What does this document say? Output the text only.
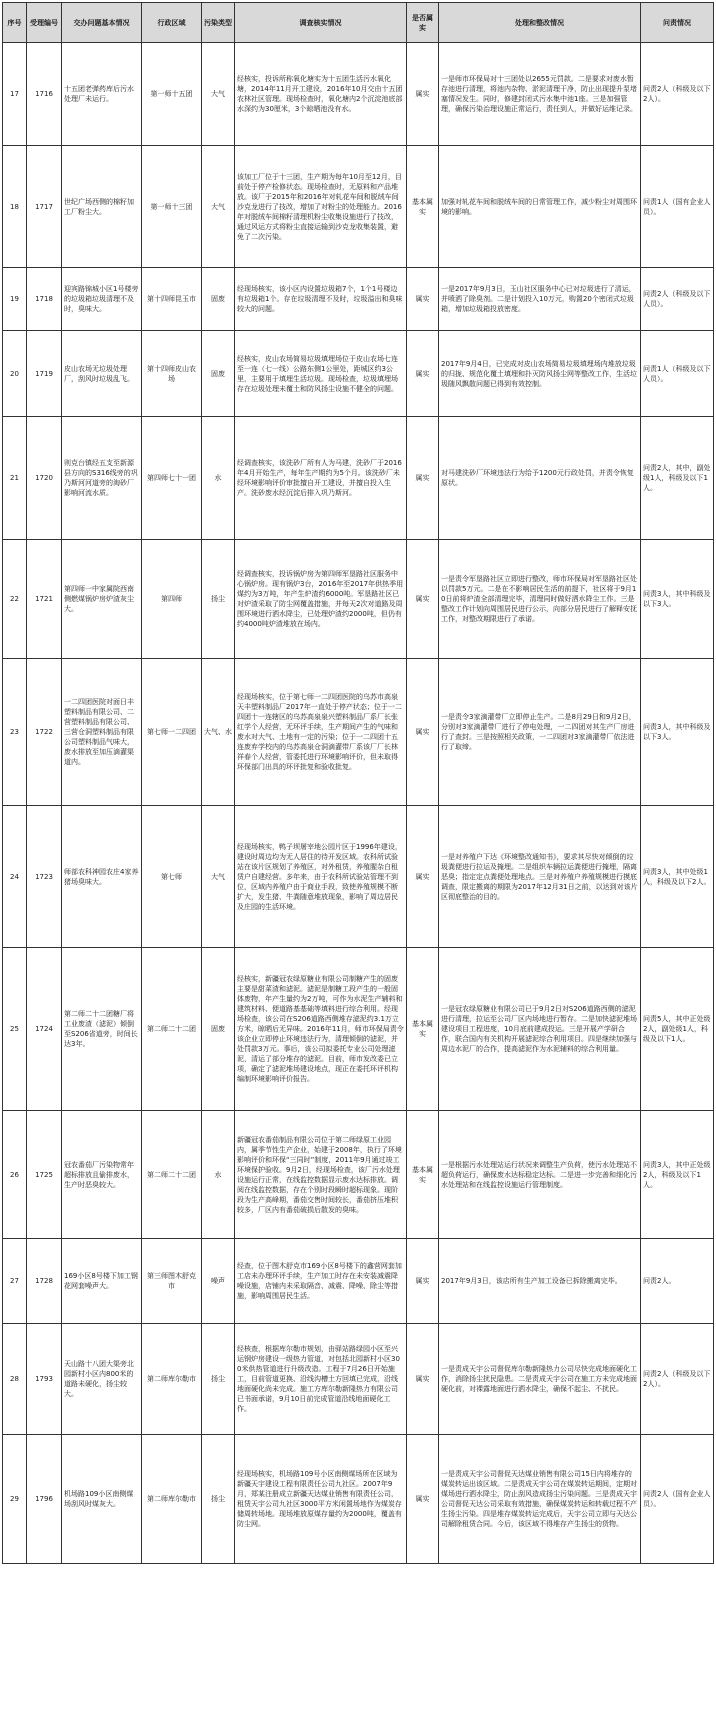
序号	受理编号	交办问题基本情况	行政区域	污染类型	调查核实情况	是否属实	处理和整改情况	问责情况
17	1716	十五团老弹药库后污水处理厂未运行。	第一师十五团	大气	经核实，投诉所称氧化塘实为十五团生活污水氧化塘，2014年11月开工建设，2016年10月交由十五团农林社区管理。现场检查时，氧化塘内2个沉淀池底部水深约为30厘米，3个晾晒池没有水。	属实	一是师市环保局对十三团处以2655元罚款。二是要求对废水暂存池进行清理，将池内杂物、淤泥清理干净，防止出现提升泵堵塞情况发生。同时，修建封闭式污水集中池1座。三是加强管理，确保污染治理设施正常运行，责任到人，并做好运维记录。	问责2人（科级及以下2人）。
18	1717	世纪广场西侧的棉籽加工厂粉尘大。	第一师十三团	大气	该加工厂位于十三团，生产期为每年10月至12月，目前处于停产检修状态。现场检查时，无原料和产品堆放。该厂于2015年和2016年对轧花车间和脱绒车间沙克龙进行了技改，增加了对粉尘的处理能力。2016年对脱绒车间棉籽清理机粉尘收集设施进行了技改，通过风运方式将粉尘直接运输到沙克龙收集装置，避免了二次污染。	基本属实	加强对轧花车间和脱绒车间的日常管理工作，减少粉尘对周围环境的影响。	问责1人（国有企业人员）。
19	1718	迎宾路锦城小区1号楼旁的垃圾箱垃圾清理不及时，臭味大。	第十四师昆玉市	固废	经现场核实，该小区内设置垃圾箱7个，1个1号楼边有垃圾箱1个。存在垃圾清理不及时，垃圾溢出和臭味较大的问题。	属实	一是2017年9月3日，玉山社区服务中心已对垃圾进行了清运，并喷洒了除臭剂。二是计划投入10万元，购置20个密闭式垃圾箱，增加垃圾箱投放密度。	问责2人（科级及以下人员）。
20	1719	皮山农场无垃圾处理厂，刮风时垃圾乱飞。	第十四师皮山农场	固废	经核实，皮山农场简易垃圾填埋场位于皮山农场七连至一连（七一线）公路东侧1公里处，距城区约3公里，主要用于填埋生活垃圾。现场检查，垃圾填埋场存在垃圾处理未覆土和防风扬尘设施不健全的问题。	属实	2017年9月4日，已完成对皮山农场简易垃圾填埋场内堆放垃圾的归拢、规范化覆土填埋和扑灭防风扬尘网等整改工作，生活垃圾随风飘散问题已得到有效控制。	问责1人（科级及以下人员）。
21	1720	则克台镇经五支至新源县方向的S316线旁的巩乃斯河河道旁的淘砂厂影响河流水质。	第四师七十一团	水	经调查核实，该洗砂厂所有人为马建，洗砂厂于2016年4月开始生产，每年生产期约为5个月。该洗砂厂未经环境影响评价审批擅自开工建设，并擅自投入生产。洗砂废水经沉淀后排入巩乃斯河。	属实	对马建洗砂厂环境违法行为给予1200元行政处罚，并责令恢复原状。	问责2人，其中，副处级1人，科级及以下1人。
22	1721	第四师一中家属院西南侧燃煤锅炉房炉渣灰尘大。	第四师	扬尘	经调查核实，投诉锅炉房为第四师军垦路社区服务中心锅炉房。现有锅炉3台，2016年至2017年供热季用煤约为3万吨，年产生炉渣约6000吨。军垦路社区已对炉渣采取了防尘网覆盖措施，并每天2次对道路及周围环境进行洒水降尘，已处理炉渣约2000吨，但仍有约4000吨炉渣堆放在场内。	属实	一是责令军垦路社区立即进行整改，师市环保局对军垦路社区处以罚款5万元。二是在不影响居民生活的前提下，社区将于9月10日前将炉渣全部清理完毕，清理同时做好洒水降尘工作。三是整改工作计划向周围居民进行公示，向部分居民进行了解释安抚工作，对整改期限进行了承诺。	问责3人，其中科级及以下3人。
23	1722	一二四团医院对面日丰塑料制品有限公司、二营塑料制品有限公司、三营仓洞塑料制品有限公司塑料制品气味大，废水排放至加压滴灌渠道内。	第七师一二四团	大气、水	经现场核实，位于第七师一二四团医院的乌苏市高泉天丰塑料制品厂2017年一直处于停产状态；位于一二四团十一连辖区的乌苏高泉泉兴塑料制品厂系厂长张红学个人经营，无环评手续，生产期间产生的气味和废水对大气、土地有一定的污染；位于一二四团十五连废弃学校内的乌苏高泉仓洞滴灌带厂系该厂厂长林祥春个人经营，管委托进行环境影响评价，但未取得环保部门出具的环评批复和验收批复。	属实	一是责令3家滴灌带厂立即停止生产。二是8月29日和9月2日，分别对3家滴灌带厂进行了停电处理，一二四团对其生产厂房进行了查封。三是按照相关政策，一二四团对3家滴灌带厂依法进行了取缔。	问责3人，其中科级及以下3人。
24	1723	师部农科神园农庄4家养猪场臭味大。	第七师	大气	经现场核实，鸭子坝屠宰地公园片区于1996年建设，建设时周边均为无人居住的待开发区域。农科所试验站在该片区规划了养殖区，对外租赁，养殖腥杂白租赁户自建经营。多年来，由于农科所试验站管理不到位，区域内养殖户由于商业手段，致使养殖规模不断扩大，发生猪、牛粪随意堆放现象，影响了周边居民及庄园的生活环境。	属实	一是对养殖户下达《环境整改通知书》，要求其尽快对倾倒的垃圾粪便进行拉运及掩埋。二是组织车辆拉运粪便进行掩埋，隔离恶臭；指定定点粪便处理地点。三是对养殖户养殖规模进行摸底调查，限定搬离的期限为2017年12月31日之前，以达到对该片区彻底整治的目的。	问责3人，其中处级1人，科级及以下2人。
25	1724	第二师二十二团糖厂将工业废渣（滤泥）倾倒至S206省道旁，时间长达3年。	第二师二十二团	固废	经核实，新疆冠农绿原糖业有限公司制糖产生的固废主要是甜菜渣和滤泥。滤泥是制糖工段产生的一般固体废物，年产生量约为2万吨，可作为水泥生产辅料和建筑材料、便道路基基础等填料进行综合利用。经现场检查，该公司在S206道路西侧堆存滤泥约3.1万立方米，晾晒后无异味。2016年11月，师市环保局责令该企业立即停止环境违法行为，清理倾倒的滤泥，并处罚款3万元。事后，该公司拟委托专业公司处理滤泥，清运了部分堆存的滤泥。目前，师市发改委已立项，确定了滤泥堆场建设地点，现正在委托环评机构编制环境影响评价报告。	基本属实	一是冠农绿原糖业有限公司已于9月2日对S206道路西侧的滤泥进行清理，拉运至公司厂区内场地进行暂存。二是加快滤泥堆场建设项目工程进度，10月底前建成投运。三是开展产学研合作，联合国内有关机构开展滤泥综合利用项目。四是继续加强与周边水泥厂的合作，提高滤泥作为水泥辅料的综合利用量。	问责5人，其中正处级2人，副处级1人，科级及以下1人。
26	1725	冠农番茄厂污染物常年超标排放且偷排废水，生产时恶臭较大。	第二师二十二团	水	新疆冠农番茄制品有限公司位于第二师绿原工业园内，属季节性生产企业，始建于2008年，执行了环境影响评价和环保“三同时”制度，2011年9月通过竣工环境保护验收。9月2日，经现场检查，该厂污水处理设施运行正常，在线监控数据显示废水达标排放。调阅在线监控数据，存在个别时段瞬时超标现象。现阶段为生产高峰期，番茄交售时间较长，番茄挤压堆积较多，厂区内有番茄破损后散发的臭味。	基本属实	一是根据污水处理站运行状况来调整生产负荷，使污水处理站不超负荷运行，确保废水达标稳定达标。二是进一步完善和细化污水处理站和在线监控设施运行管理制度。	问责3人，其中正处级2人，科级及以下1人。
27	1728	169小区8号楼下加工钢花网套噪声大。	第三师图木舒克市	噪声	经查，位于图木舒克市169小区8号楼下的鑫营网套加工店未办理环评手续，生产加工时存在未安装减震降噪设施，店铺内未采取隔音、减震、降噪、除尘等措施，影响周围居民生活。	属实	2017年9月3日，该店所有生产加工设备已拆除搬离完毕。	问责2人。
28	1793	天山路十八团大渠旁北园新村小区内800米的道路未硬化，扬尘较大。	第二师库尔勒市	扬尘	经核查，根据库尔勒市规划，由驿站路绿园小区至兴运钢炉房建设一级热力管道，对包括北园新村小区300米供热管道进行升级改造。工程于7月26日开始施工，目前管道更换、沿线沟槽土方回填已完成，沿线地面硬化尚未完成。施工方库尔勒新隆热力有限公司已书面承诺，9月10日前完成管道沿线地面硬化工作。	属实	一是责成天宇公司督促库尔勒新隆热力公司尽快完成地面硬化工作，消除扬尘扰民隐患。二是责成天宇公司在施工方未完成地面硬化前，对裸露地面进行洒水降尘，确保不起尘、不扰民。	问责2人（科级及以下2人）。
29	1796	机场路109小区南侧煤场刮风时煤灰大。	第二师库尔勒市	扬尘	经现场核实，机场路109号小区南侧煤场所在区域为新疆天宇建设工程有限责任公司九社区。2007年9月，郑某注册成立新疆天达煤业销售有限责任公司，租赁天宇公司九社区3000平方米闲置场地作为煤炭存储周转场地。现场堆放原煤存量约为2000吨，覆盖有防尘网。	属实	一是责成天宇公司督促天达煤业销售有限公司15日内将堆存的煤炭转运出该区域。二是责成天宇公司在煤炭转运期间，定期对煤场进行洒水降尘，防止刮风造成扬尘污染问题。三是责成天宇公司督促天达公司采取有效措施，确保煤炭转运和转载过程不产生扬尘污染。四是堆存煤炭转运完成后，天宇公司立即与天达公司解除租赁合同。今后，该区域不得堆存产生扬尘的货物。	问责2人（国有企业人员）。
